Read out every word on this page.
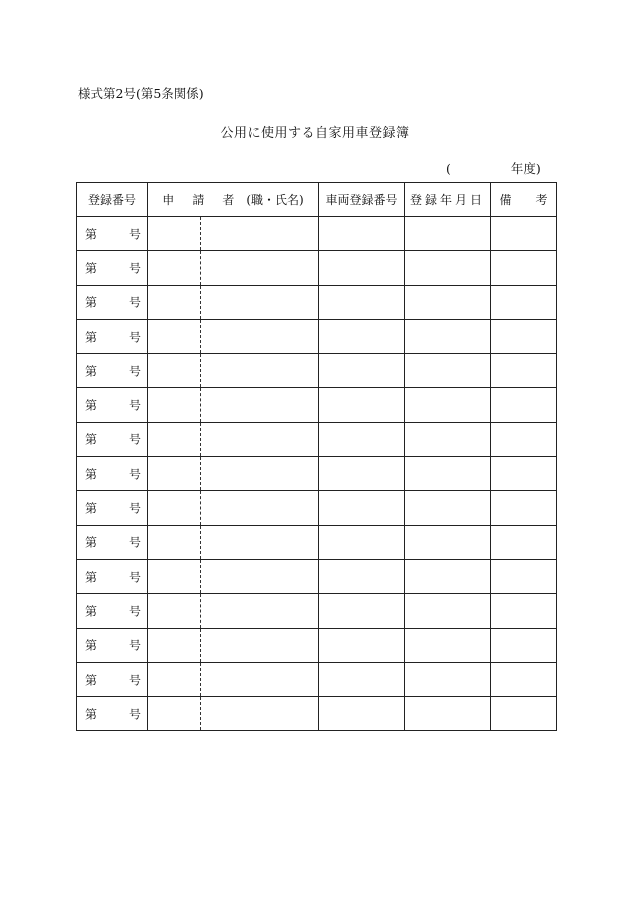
様式第2号(第5条関係)
公用に使用する自家用車登録簿
(	年度)
登録番号	申   請   者  (職・氏名)		車両登録番号	登録年月日	備   考

第 号					

第 号					

第 号					

第 号					

第 号					

第 号					

第 号					

第 号					

第 号					

第 号					

第 号					

第 号					

第 号					

第 号					

第 号					
